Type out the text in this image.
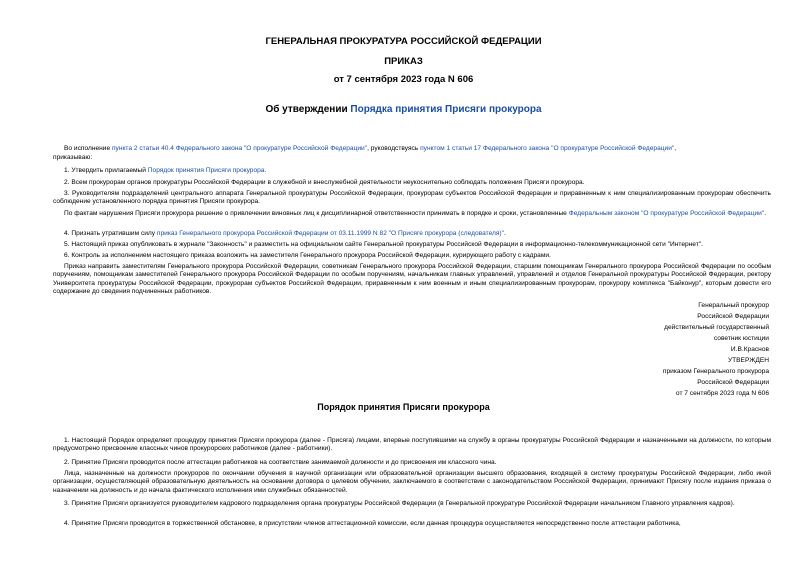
ГЕНЕРАЛЬНАЯ ПРОКУРАТУРА РОССИЙСКОЙ ФЕДЕРАЦИИ
ПРИКАЗ
от 7 сентября 2023 года N 606
Об утверждении Порядка принятия Присяги прокурора
Во исполнение пункта 2 статьи 40.4 Федерального закона "О прокуратуре Российской Федерации", руководствуясь пунктом 1 статьи 17 Федерального закона "О прокуратуре Российской Федерации",
приказываю:
1. Утвердить прилагаемый Порядок принятия Присяги прокурора.
2. Всем прокурорам органов прокуратуры Российской Федерации в служебной и внеслужебной деятельности неукоснительно соблюдать положения Присяги прокурора.
3. Руководителям подразделений центрального аппарата Генеральной прокуратуры Российской Федерации, прокурорам субъектов Российской Федерации и приравненным к ним специализированным прокурорам обеспечить соблюдение установленного порядка принятия Присяги прокурора.
По фактам нарушения Присяги прокурора решение о привлечении виновных лиц к дисциплинарной ответственности принимать в порядке и сроки, установленные Федеральным законом "О прокуратуре Российской Федерации".
4. Признать утратившим силу приказ Генерального прокурора Российской Федерации от 03.11.1999 N 82 "О Присяге прокурора (следователя)".
5. Настоящий приказ опубликовать в журнале "Законность" и разместить на официальном сайте Генеральной прокуратуры Российской Федерации в информационно-телекоммуникационной сети "Интернет".
6. Контроль за исполнением настоящего приказа возложить на заместителя Генерального прокурора Российской Федерации, курирующего работу с кадрами.
Приказ направить заместителям Генерального прокурора Российской Федерации, советникам Генерального прокурора Российской Федерации, старшим помощникам Генерального прокурора Российской Федерации по особым поручениям, помощникам заместителей Генерального прокурора Российской Федерации по особым поручениям, начальникам главных управлений, управлений и отделов Генеральной прокуратуры Российской Федерации, ректору Университета прокуратуры Российской Федерации, прокурорам субъектов Российской Федерации, приравненным к ним военным и иным специализированным прокурорам, прокурору комплекса "Байконур", которым довести его содержание до сведения подчиненных работников.
Генеральный прокурор
Российской Федерации
действительный государственный
советник юстиции
И.В.Краснов
УТВЕРЖДЕН
приказом Генерального прокурора
Российской Федерации
от 7 сентября 2023 года N 606
Порядок принятия Присяги прокурора
1. Настоящий Порядок определяет процедуру принятия Присяги прокурора (далее - Присяга) лицами, впервые поступившими на службу в органы прокуратуры Российской Федерации и назначенными на должности, по которым предусмотрено присвоение классных чинов прокурорских работников (далее - работники).
2. Принятие Присяги проводится после аттестации работников на соответствие занимаемой должности и до присвоения им классного чина.
Лица, назначенные на должности прокуроров по окончании обучения в научной организации или образовательной организации высшего образования, входящей в систему прокуратуры Российской Федерации, либо иной организации, осуществляющей образовательную деятельность на основании договора о целевом обучении, заключаемого в соответствии с законодательством Российской Федерации, принимают Присягу после издания приказа о назначении на должность и до начала фактического исполнения ими служебных обязанностей.
3. Принятие Присяги организуется руководителем кадрового подразделения органа прокуратуры Российской Федерации (в Генеральной прокуратуре Российской Федерации начальником Главного управления кадров).
4. Принятие Присяги проводится в торжественной обстановке, в присутствии членов аттестационной комиссии, если данная процедура осуществляется непосредственно после аттестации работника,
